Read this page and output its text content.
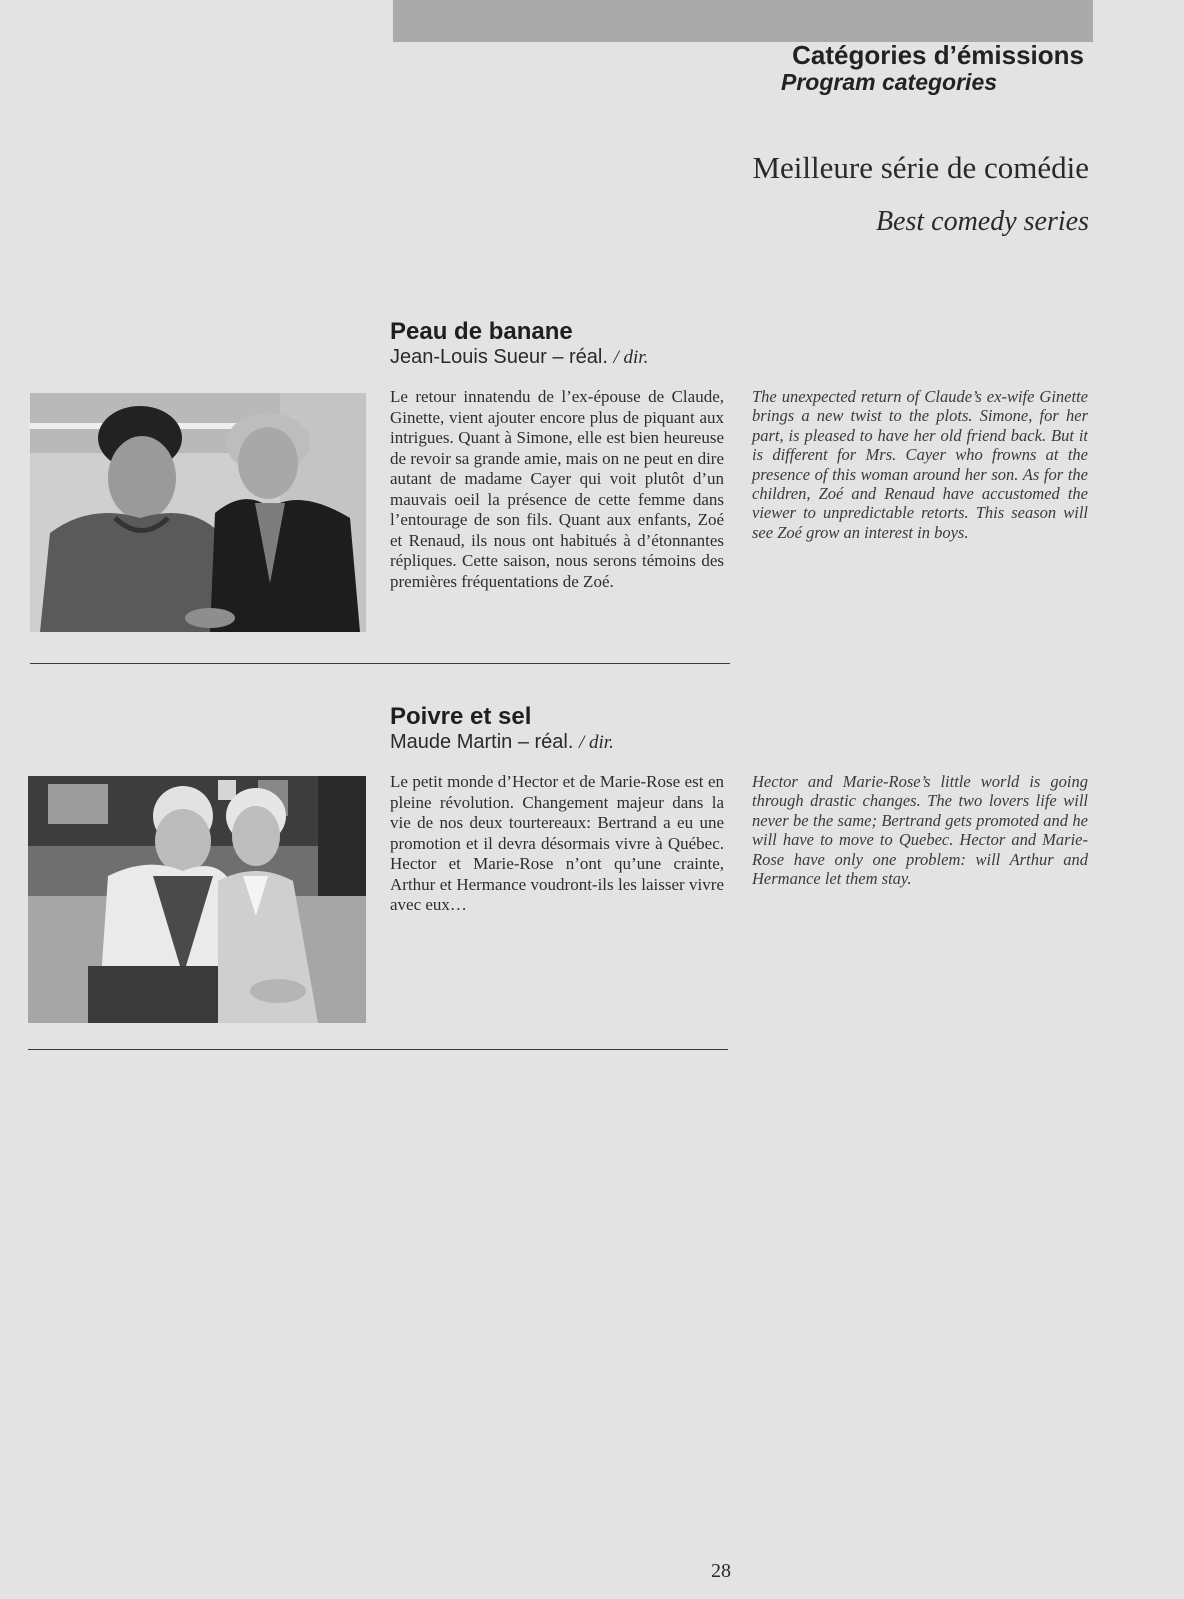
Catégories d’émissions
Program categories
Meilleure série de comédie
Best comedy series
Peau de banane
Jean-Louis Sueur – réal. / dir.

Le retour innatendu de l’ex-épouse de Claude, Ginette, vient ajouter encore plus de piquant aux intrigues. Quant à Simone, elle est bien heureuse de revoir sa grande amie, mais on ne peut en dire autant de madame Cayer qui voit plutôt d’un mauvais oeil la présence de cette femme dans l’entourage de son fils. Quant aux enfants, Zoé et Renaud, ils nous ont habitués à d’étonnantes répliques. Cette saison, nous serons témoins des premières fréquentations de Zoé.

The unexpected return of Claude’s ex-wife Ginette brings a new twist to the plots. Simone, for her part, is pleased to have her old friend back. But it is different for Mrs. Cayer who frowns at the presence of this woman around her son. As for the children, Zoé and Renaud have accustomed the viewer to unpredictable retorts. This season will see Zoé grow an interest in boys.

Poivre et sel
Maude Martin – réal. / dir.

Le petit monde d’Hector et de Marie-Rose est en pleine révolution. Changement majeur dans la vie de nos deux tourtereaux: Bertrand a eu une promotion et il devra désormais vivre à Québec. Hector et Marie-Rose n’ont qu’une crainte, Arthur et Hermance voudront-ils les laisser vivre avec eux…

Hector and Marie-Rose’s little world is going through drastic changes. The two lovers life will never be the same; Bertrand gets promoted and he will have to move to Quebec. Hector and Marie-Rose have only one problem: will Arthur and Hermance let them stay.

28
